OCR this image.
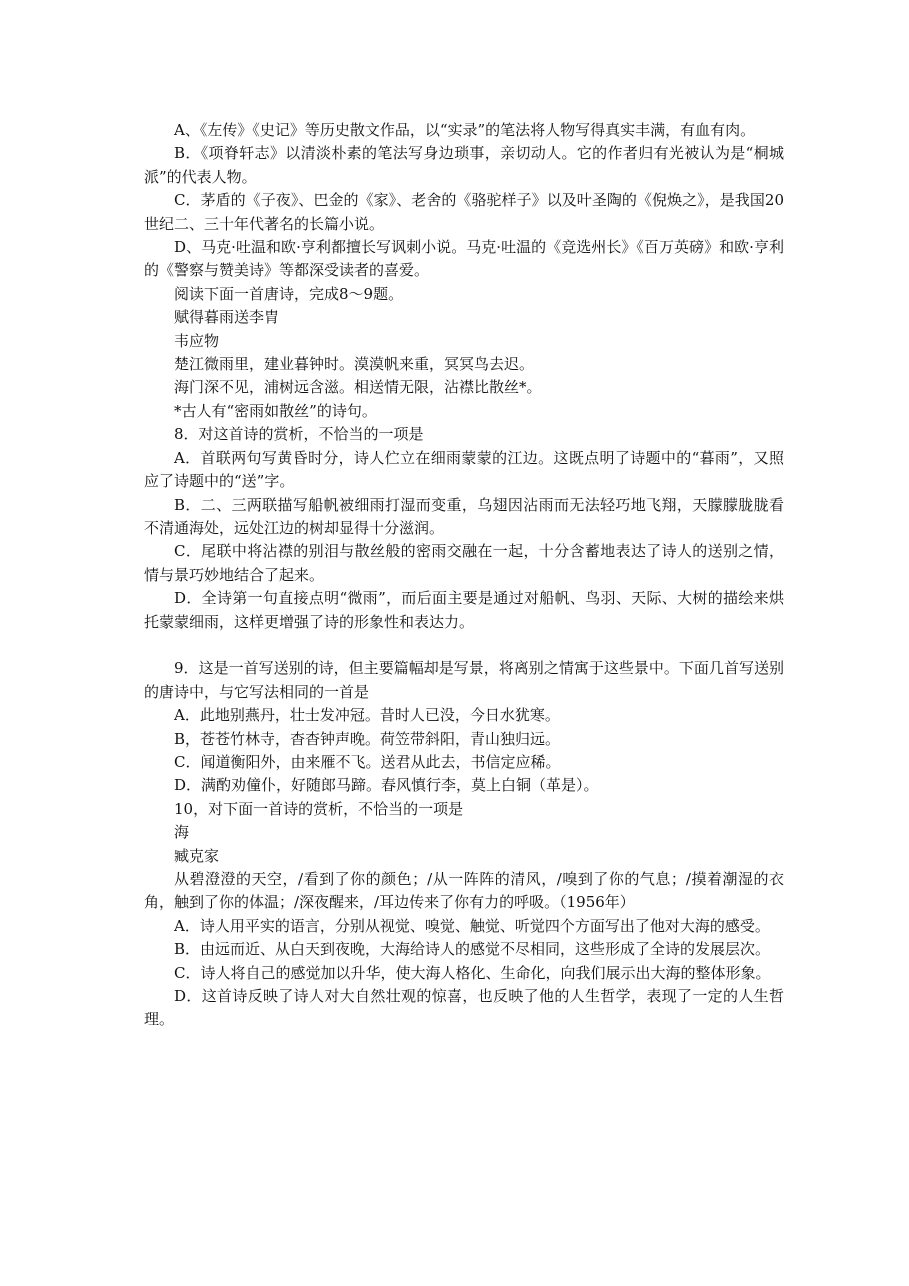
A、《左传》《史记》等历史散文作品，以“实录”的笔法将人物写得真实丰满，有血有肉。

B．《项脊轩志》以清淡朴素的笔法写身边琐事，亲切动人。它的作者归有光被认为是“桐城派”的代表人物。

C．茅盾的《子夜》、巴金的《家》、老舍的《骆驼样子》以及叶圣陶的《倪焕之》，是我国20世纪二、三十年代著名的长篇小说。

D、马克·吐温和欧·亨利都擅长写讽刺小说。马克·吐温的《竞选州长》《百万英磅》和欧·亨利的《警察与赞美诗》等都深受读者的喜爱。

阅读下面一首唐诗，完成8～9题。

赋得暮雨送李胄

韦应物

楚江微雨里，建业暮钟时。漠漠帆来重，冥冥鸟去迟。

海门深不见，浦树远含滋。相送情无限，沾襟比散丝*。

*古人有“密雨如散丝”的诗句。

8．对这首诗的赏析，不恰当的一项是

A．首联两句写黄昏时分，诗人伫立在细雨蒙蒙的江边。这既点明了诗题中的“暮雨”，又照应了诗题中的“送”字。

B．二、三两联描写船帆被细雨打湿而变重，乌翅因沾雨而无法轻巧地飞翔，天朦朦胧胧看不清通海处，远处江边的树却显得十分滋润。

C．尾联中将沾襟的别泪与散丝般的密雨交融在一起，十分含蓄地表达了诗人的送别之情，情与景巧妙地结合了起来。

D．全诗第一句直接点明“微雨”，而后面主要是通过对船帆、鸟羽、天际、大树的描绘来烘托蒙蒙细雨，这样更增强了诗的形象性和表达力。

9．这是一首写送别的诗，但主要篇幅却是写景，将离别之情寓于这些景中。下面几首写送别的唐诗中，与它写法相同的一首是

A．此地别燕丹，壮士发冲冠。昔时人已没，今日水犹寒。

B，苍苍竹林寺，杳杳钟声晚。荷笠带斜阳，青山独归远。

C．闻道衡阳外，由来雁不飞。送君从此去，书信定应稀。

D．满酌劝僮仆，好随郎马蹄。春风慎行李，莫上白铜（革是）。

10，对下面一首诗的赏析，不恰当的一项是

海

臧克家

从碧澄澄的天空，/看到了你的颜色；/从一阵阵的清风，/嗅到了你的气息；/摸着潮湿的衣角，触到了你的体温；/深夜醒来，/耳边传来了你有力的呼吸。（1956年）

A．诗人用平实的语言，分别从视觉、嗅觉、触觉、听觉四个方面写出了他对大海的感受。

B．由远而近、从白天到夜晚，大海给诗人的感觉不尽相同，这些形成了全诗的发展层次。

C．诗人将自己的感觉加以升华，使大海人格化、生命化，向我们展示出大海的整体形象。

D．这首诗反映了诗人对大自然壮观的惊喜，也反映了他的人生哲学，表现了一定的人生哲理。
